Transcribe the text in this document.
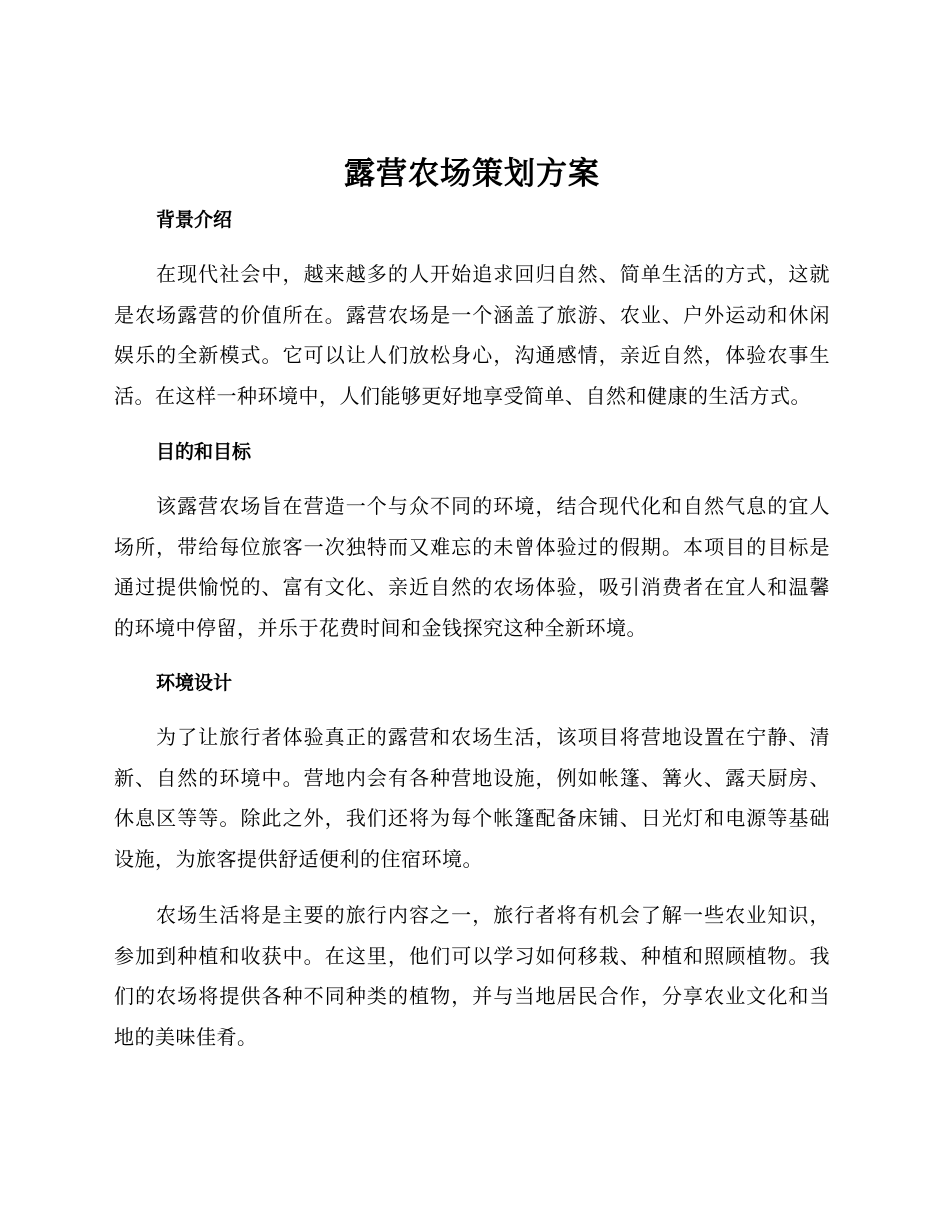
露营农场策划方案
背景介绍

在现代社会中，越来越多的人开始追求回归自然、简单生活的方式，这就是农场露营的价值所在。露营农场是一个涵盖了旅游、农业、户外运动和休闲娱乐的全新模式。它可以让人们放松身心，沟通感情，亲近自然，体验农事生活。在这样一种环境中，人们能够更好地享受简单、自然和健康的生活方式。

目的和目标

该露营农场旨在营造一个与众不同的环境，结合现代化和自然气息的宜人场所，带给每位旅客一次独特而又难忘的未曾体验过的假期。本项目的目标是通过提供愉悦的、富有文化、亲近自然的农场体验，吸引消费者在宜人和温馨的环境中停留，并乐于花费时间和金钱探究这种全新环境。

环境设计

为了让旅行者体验真正的露营和农场生活，该项目将营地设置在宁静、清新、自然的环境中。营地内会有各种营地设施，例如帐篷、篝火、露天厨房、休息区等等。除此之外，我们还将为每个帐篷配备床铺、日光灯和电源等基础设施，为旅客提供舒适便利的住宿环境。

农场生活将是主要的旅行内容之一，旅行者将有机会了解一些农业知识，参加到种植和收获中。在这里，他们可以学习如何移栽、种植和照顾植物。我们的农场将提供各种不同种类的植物，并与当地居民合作，分享农业文化和当地的美味佳肴。
